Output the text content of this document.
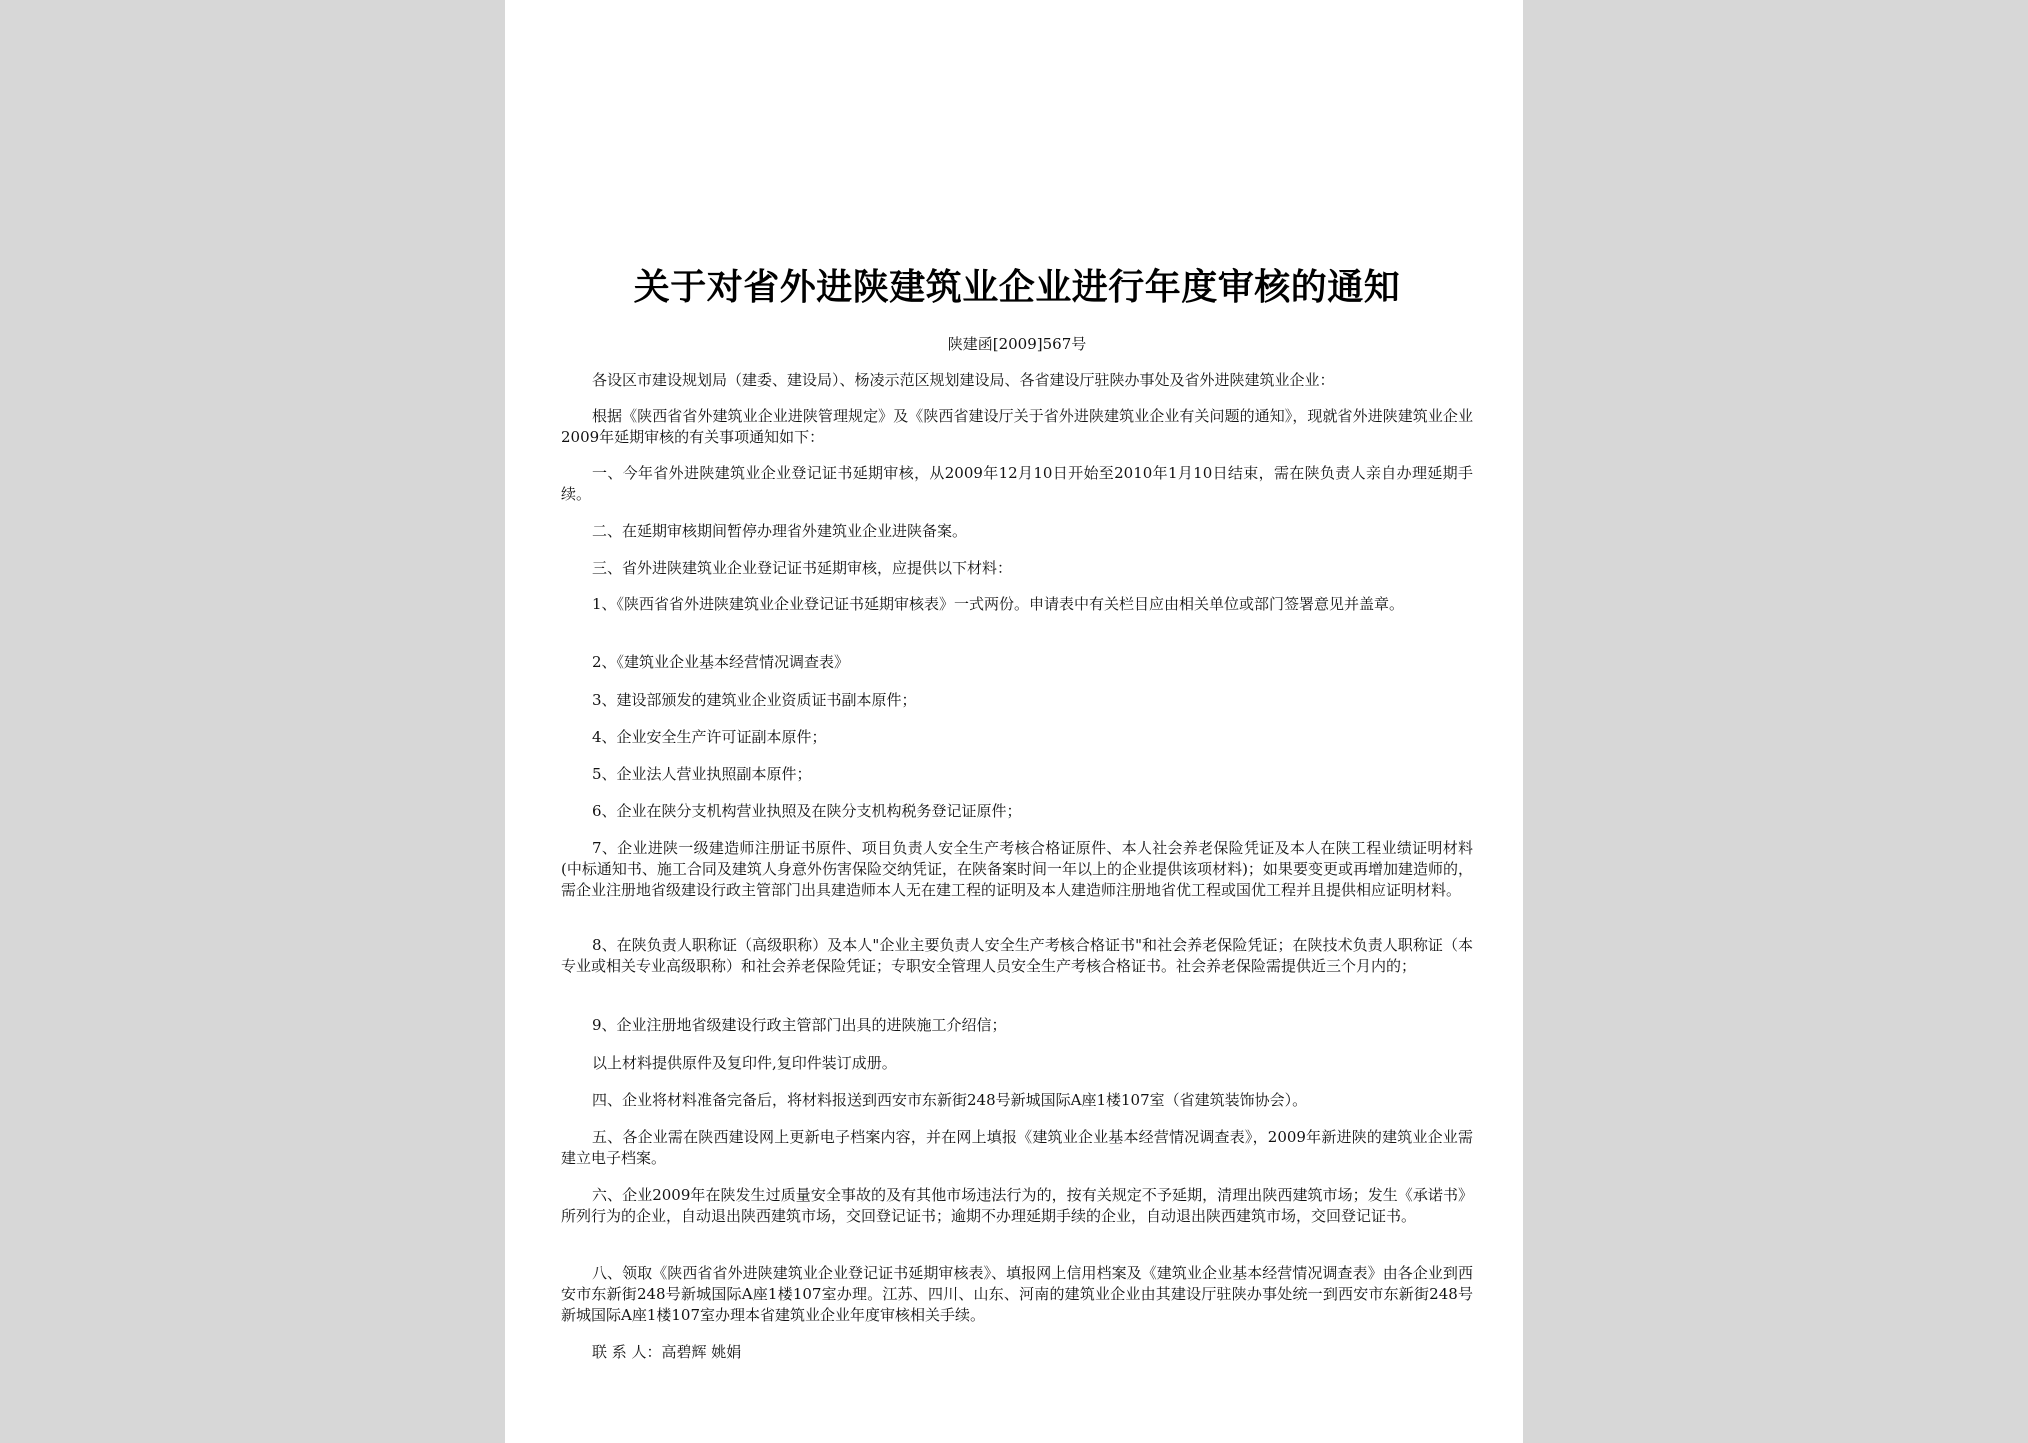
关于对省外进陕建筑业企业进行年度审核的通知
陕建函[2009]567号

各设区市建设规划局（建委、建设局）、杨凌示范区规划建设局、各省建设厅驻陕办事处及省外进陕建筑业企业：

根据《陕西省省外建筑业企业进陕管理规定》及《陕西省建设厅关于省外进陕建筑业企业有关问题的通知》，现就省外进陕建筑业企业2009年延期审核的有关事项通知如下：

一、今年省外进陕建筑业企业登记证书延期审核，从2009年12月10日开始至2010年1月10日结束，需在陕负责人亲自办理延期手续。

二、在延期审核期间暂停办理省外建筑业企业进陕备案。

三、省外进陕建筑业企业登记证书延期审核，应提供以下材料：

1、《陕西省省外进陕建筑业企业登记证书延期审核表》一式两份。申请表中有关栏目应由相关单位或部门签署意见并盖章。

2、《建筑业企业基本经营情况调查表》

3、建设部颁发的建筑业企业资质证书副本原件；

4、企业安全生产许可证副本原件；

5、企业法人营业执照副本原件；

6、企业在陕分支机构营业执照及在陕分支机构税务登记证原件；

7、企业进陕一级建造师注册证书原件、项目负责人安全生产考核合格证原件、本人社会养老保险凭证及本人在陕工程业绩证明材料(中标通知书、施工合同及建筑人身意外伤害保险交纳凭证，在陕备案时间一年以上的企业提供该项材料)；如果要变更或再增加建造师的，需企业注册地省级建设行政主管部门出具建造师本人无在建工程的证明及本人建造师注册地省优工程或国优工程并且提供相应证明材料。

8、在陕负责人职称证（高级职称）及本人"企业主要负责人安全生产考核合格证书"和社会养老保险凭证；在陕技术负责人职称证（本专业或相关专业高级职称）和社会养老保险凭证；专职安全管理人员安全生产考核合格证书。社会养老保险需提供近三个月内的；

9、企业注册地省级建设行政主管部门出具的进陕施工介绍信；

以上材料提供原件及复印件,复印件装订成册。

四、企业将材料准备完备后，将材料报送到西安市东新街248号新城国际A座1楼107室（省建筑装饰协会）。

五、各企业需在陕西建设网上更新电子档案内容，并在网上填报《建筑业企业基本经营情况调查表》，2009年新进陕的建筑业企业需建立电子档案。

六、企业2009年在陕发生过质量安全事故的及有其他市场违法行为的，按有关规定不予延期，清理出陕西建筑市场；发生《承诺书》所列行为的企业，自动退出陕西建筑市场，交回登记证书；逾期不办理延期手续的企业，自动退出陕西建筑市场，交回登记证书。

八、领取《陕西省省外进陕建筑业企业登记证书延期审核表》、填报网上信用档案及《建筑业企业基本经营情况调查表》由各企业到西安市东新街248号新城国际A座1楼107室办理。江苏、四川、山东、河南的建筑业企业由其建设厅驻陕办事处统一到西安市东新街248号新城国际A座1楼107室办理本省建筑业企业年度审核相关手续。

联 系 人：高碧辉 姚娟
